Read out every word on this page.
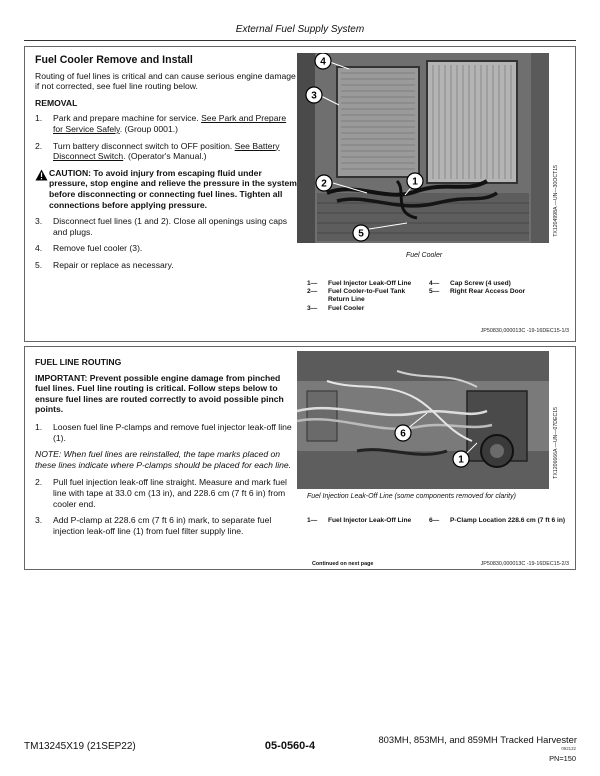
External Fuel Supply System
Fuel Cooler Remove and Install
Routing of fuel lines is critical and can cause serious engine damage if not corrected, see fuel line routing below.
REMOVAL
1. Park and prepare machine for service. See Park and Prepare for Service Safely. (Group 0001.)
2. Turn battery disconnect switch to OFF position. See Battery Disconnect Switch. (Operator's Manual.)
CAUTION: To avoid injury from escaping fluid under pressure, stop engine and relieve the pressure in the system before disconnecting or connecting fuel lines. Tighten all connections before applying pressure.
3. Disconnect fuel lines (1 and 2). Close all openings using caps and plugs.
4. Remove fuel cooler (3).
5. Repair or replace as necessary.
4
3
2	1
5	TX1204998A —UN—30OCT15
Fuel Cooler
1— Fuel Injector Leak-Off Line
2— Fuel Cooler-to-Fuel Tank Return Line
3— Fuel Cooler
4— Cap Screw (4 used)
5— Right Rear Access Door
JP50830,000013C -19-16DEC15-1/3
FUEL LINE ROUTING
IMPORTANT: Prevent possible engine damage from pinched fuel lines. Fuel line routing is critical. Follow steps below to ensure fuel lines are routed correctly to avoid possible pinch points.
1. Loosen fuel line P-clamps and remove fuel injector leak-off line (1).
NOTE: When fuel lines are reinstalled, the tape marks placed on these lines indicate where P-clamps should be placed for each line.
2. Pull fuel injection leak-off line straight. Measure and mark fuel line with tape at 33.0 cm (13 in), and 228.6 cm (7 ft 6 in) from cooler end.
3. Add P-clamp at 228.6 cm (7 ft 6 in) mark, to separate fuel injection leak-off line (1) from fuel filter supply line.
6
1	TX1206666A —UN—07DEC15
Fuel Injection Leak-Off Line (some components removed for clarity)
1— Fuel Injector Leak-Off Line	6— P-Clamp Location 228.6 cm (7 ft 6 in)
Continued on next page	JP50830,000013C -19-16DEC15-2/3
TM13245X19 (21SEP22)	05-0560-4
803MH, 853MH, and 859MH Tracked Harvester
092122
PN=150
